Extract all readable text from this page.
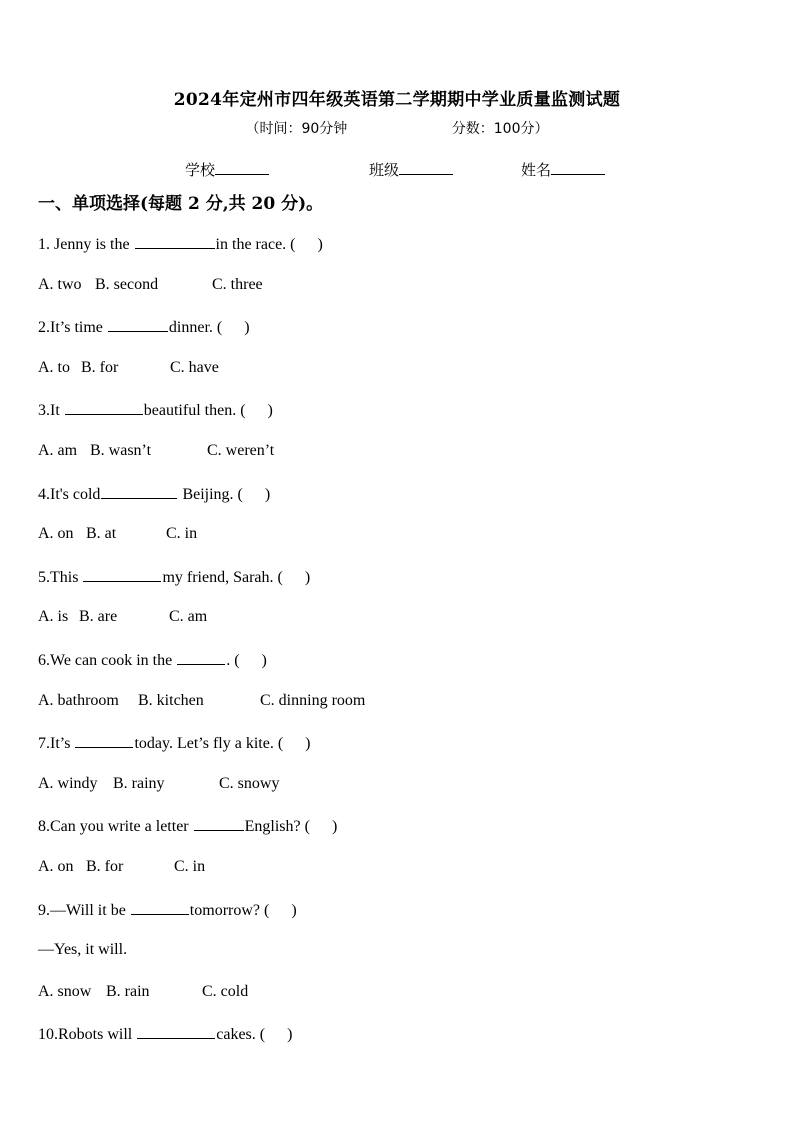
2024年定州市四年级英语第二学期期中学业质量监测试题
（时间：90分钟	分数：100分）
学校	班级	姓名
一、单项选择(每题 2 分,共 20 分)。
1. Jenny is the	in the race. ( )
A. two B. second	C. three
2.It’s time	dinner. ( )
A. to B. for	C. have
3.It	beautiful then. ( )
A. am B. wasn’t	C. weren’t
4.It's cold	Beijing. ( )
A. on B. at	C. in
5.This	my friend, Sarah. ( )
A. is B. are	C. am
6.We can cook in the	. ( )
A. bathroom B. kitchen	C. dinning room
7.It’s	today. Let’s fly a kite. ( )
A. windy B. rainy	C. snowy
8.Can you write a letter	English? ( )
A. on B. for	C. in
9.—Will it be	tomorrow? ( )
—Yes, it will.
A. snow B. rain	C. cold
10.Robots will	cakes. ( )
